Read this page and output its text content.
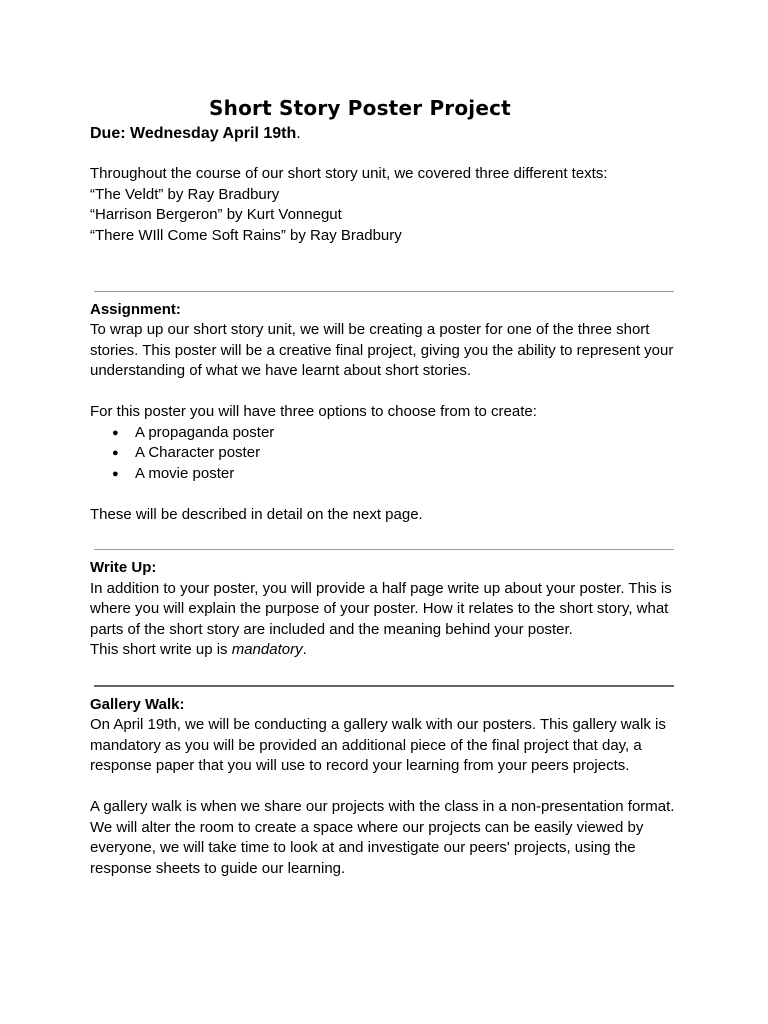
Short Story Poster Project

Due: Wednesday April 19th.

Throughout the course of our short story unit, we covered three different texts:

“The Veldt” by Ray Bradbury

“Harrison Bergeron” by Kurt Vonnegut

“There WIll Come Soft Rains” by Ray Bradbury

Assignment:

To wrap up our short story unit, we will be creating a poster for one of the three short stories. This poster will be a creative final project, giving you the ability to represent your understanding of what we have learnt about short stories.

For this poster you will have three options to choose from to create:

● A propaganda poster
● A Character poster
● A movie poster

These will be described in detail on the next page.

Write Up:

In addition to your poster, you will provide a half page write up about your poster. This is where you will explain the purpose of your poster. How it relates to the short story, what parts of the short story are included and the meaning behind your poster.

This short write up is mandatory.

Gallery Walk:

On April 19th, we will be conducting a gallery walk with our posters. This gallery walk is mandatory as you will be provided an additional piece of the final project that day, a response paper that you will use to record your learning from your peers projects.

A gallery walk is when we share our projects with the class in a non-presentation format. We will alter the room to create a space where our projects can be easily viewed by everyone, we will take time to look at and investigate our peers' projects, using the response sheets to guide our learning.
